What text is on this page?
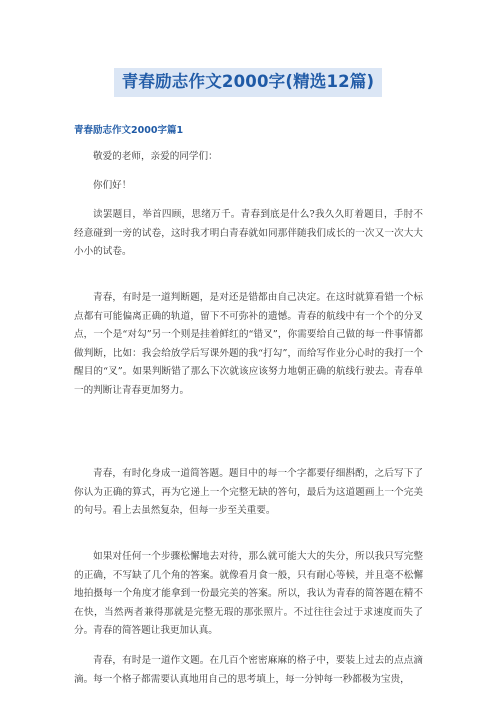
青春励志作文2000字(精选12篇)
青春励志作文2000字篇1

敬爱的老师，亲爱的同学们：

你们好！

读罢题目，举首四顾，思绪万千。青春到底是什么?我久久盯着题目，手肘不经意碰到一旁的试卷，这时我才明白青春就如同那伴随我们成长的一次又一次大大小小的试卷。

青春，有时是一道判断题，是对还是错都由自己决定。在这时就算看错一个标点都有可能偏离正确的轨道，留下不可弥补的遗憾。青春的航线中有一个个的分叉点，一个是“对勾”另一个则是挂着鲜红的“错叉”，你需要给自己做的每一件事情都做判断，比如：我会给放学后写课外题的我“打勾”，而给写作业分心时的我打一个醒目的“叉”。如果判断错了那么下次就该应该努力地朝正确的航线行驶去。青春单一的判断让青春更加努力。

青春，有时化身成一道简答题。题目中的每一个字都要仔细斟酌，之后写下了你认为正确的算式，再为它递上一个完整无缺的答句，最后为这道题画上一个完美的句号。看上去虽然复杂，但每一步至关重要。

如果对任何一个步骤松懈地去对待，那么就可能大大的失分，所以我只写完整的正确，不写缺了几个角的答案。就像看月食一般，只有耐心等候，并且毫不松懈地拍摄每一个角度才能拿到一份最完美的答案。所以，我认为青春的简答题在精不在快，当然两者兼得那就是完整无瑕的那张照片。不过往往会过于求速度而失了分。青春的简答题让我更加认真。

青春，有时是一道作文题。在几百个密密麻麻的格子中，要装上过去的点点滴滴。每一个格子都需要认真地用自己的思考填上，每一分钟每一秒都极为宝贵，
